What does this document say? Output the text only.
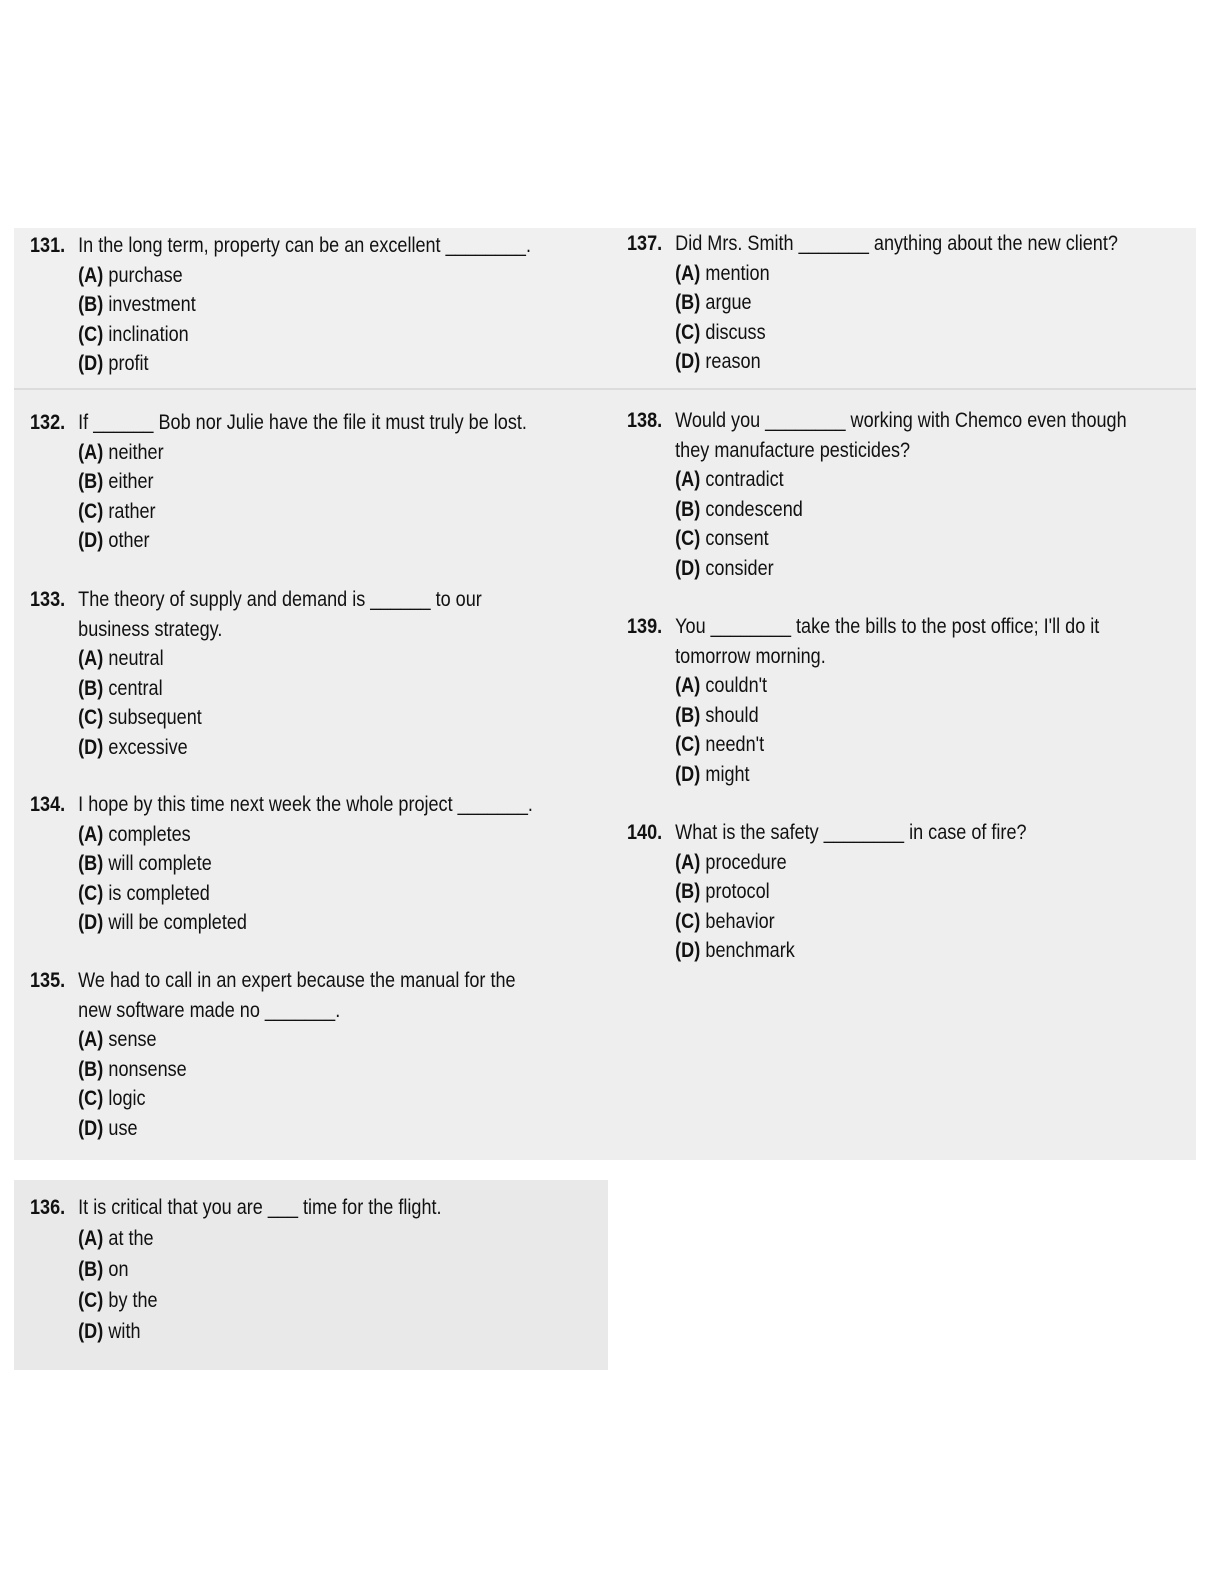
131. In the long term, property can be an excellent ________.
(A) purchase
(B) investment
(C) inclination
(D) profit
132. If ______ Bob nor Julie have the file it must truly be lost.
(A) neither
(B) either
(C) rather
(D) other
133. The theory of supply and demand is ______ to our
business strategy.
(A) neutral
(B) central
(C) subsequent
(D) excessive
134. I hope by this time next week the whole project _______.
(A) completes
(B) will complete
(C) is completed
(D) will be completed
135. We had to call in an expert because the manual for the
new software made no _______.
(A) sense
(B) nonsense
(C) logic
(D) use
136. It is critical that you are ___ time for the flight.
(A) at the
(B) on
(C) by the
(D) with
137. Did Mrs. Smith _______ anything about the new client?
(A) mention
(B) argue
(C) discuss
(D) reason
138. Would you ________ working with Chemco even though
they manufacture pesticides?
(A) contradict
(B) condescend
(C) consent
(D) consider
139. You ________ take the bills to the post office; I'll do it
tomorrow morning.
(A) couldn't
(B) should
(C) needn't
(D) might
140. What is the safety ________ in case of fire?
(A) procedure
(B) protocol
(C) behavior
(D) benchmark
